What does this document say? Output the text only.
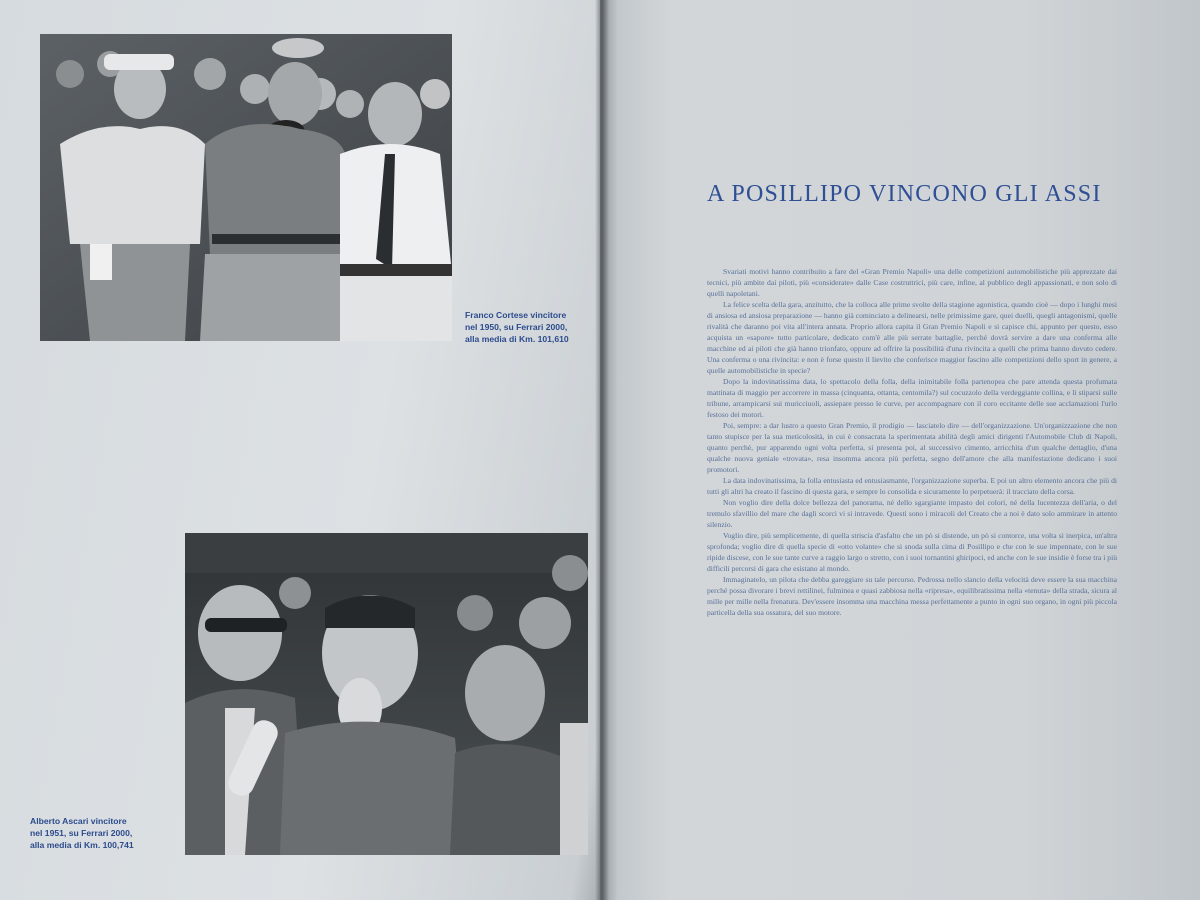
Franco Cortese vincitore
nel 1950, su Ferrari 2000,
alla media di Km. 101,610
Alberto Ascari vincitore
nel 1951, su Ferrari 2000,
alla media di Km. 100,741
A POSILLIPO VINCONO GLI ASSI

Svariati motivi hanno contribuito a fare del «Gran Premio Napoli» una delle competizioni automobilistiche più apprezzate dai tecnici, più ambite dai piloti, più «considerate» dalle Case costruttrici, più care, infine, al pubblico degli appassionati, e non solo di quelli napoletani.

La felice scelta della gara, anzitutto, che la colloca alle prime svolte della stagione agonistica, quando cioè — dopo i lunghi mesi di ansiosa ed ansiosa preparazione — hanno già cominciato a delinearsi, nelle primissime gare, quei duelli, quegli antagonismi, quelle rivalità che daranno poi vita all'intera annata. Proprio allora capita il Gran Premio Napoli e si capisce chi, appunto per questo, esso acquista un «sapore» tutto particolare, dedicato com'è alle più serrate battaglie, perché dovrà servire a dare una conferma alle macchine ed ai piloti che già hanno trionfato, oppure ad offrire la possibilità d'una rivincita a quelli che prima hanno dovuto cedere. Una conferma o una rivincita: e non è forse questo il lievito che conferisce maggior fascino alle competizioni dello sport in genere, a quelle automobilistiche in specie?

Dopo la indovinatissima data, lo spettacolo della folla, della inimitabile folla partenopea che pare attenda questa profumata mattinata di maggio per accorrere in massa (cinquanta, ottanta, centomila?) sul cocuzzolo della verdeggiante collina, e li stiparsi sulle tribune, arrampicarsi sui muricciuoli, assiepare presso le curve, per accompagnare con il coro eccitante delle sue acclamazioni l'urlo festoso dei motori.

Poi, sempre: a dar lustro a questo Gran Premio, il prodigio — lasciatelo dire — dell'organizzazione. Un'organizzazione che non tanto stupisce per la sua meticolosità, in cui è consacrata la sperimentata abilità degli amici dirigenti l'Automobile Club di Napoli, quanto perché, pur apparendo ogni volta perfetta, si presenta poi, al successivo cimento, arricchita d'un qualche dettaglio, d'una qualche nuova geniale «trovata», resa insomma ancora più perfetta, segno dell'amore che alla manifestazione dedicano i suoi promotori.

La data indovinatissima, la folla entusiasta ed entusiasmante, l'organizzazione superba. E poi un altro elemento ancora che più di tutti gli altri ha creato il fascino di questa gara, e sempre lo consolida e sicuramente lo perpetuerà: il tracciato della corsa.

Non voglio dire della dolce bellezza del panorama, né dello sgargiante impasto dei colori, né della lucentezza dell'aria, o del tremulo sfavillio del mare che dagli scorci vi si intravede. Questi sono i miracoli del Creato che a noi è dato solo ammirare in attento silenzio.

Voglio dire, più semplicemente, di quella striscia d'asfalto che un pò si distende, un pò si contorce, una volta si inerpica, un'altra sprofonda; voglio dire di quella specie di «otto volante» che si snoda sulla cima di Posillipo e che con le sue impennate, con le sue ripide discese, con le sue tante curve a raggio largo o stretto, con i suoi tornantini ghiripoci, ed anche con le sue insidie è forse tra i più difficili percorsi di gara che esistano al mondo.

Immaginatelo, un pilota che debba gareggiare su tale percorso. Pedrossa nello slancio della velocità deve essere la sua macchina perché possa divorare i brevi rettilinei, fulminea e quasi zabbiosa nella «ripresa», equilibratissima nella «tenuta» della strada, sicura al mille per mille nella frenatura. Dev'essere insomma una macchina messa perfettamente a punto in ogni suo organo, in ogni più piccola particella della sua ossatura, del suo motore.
